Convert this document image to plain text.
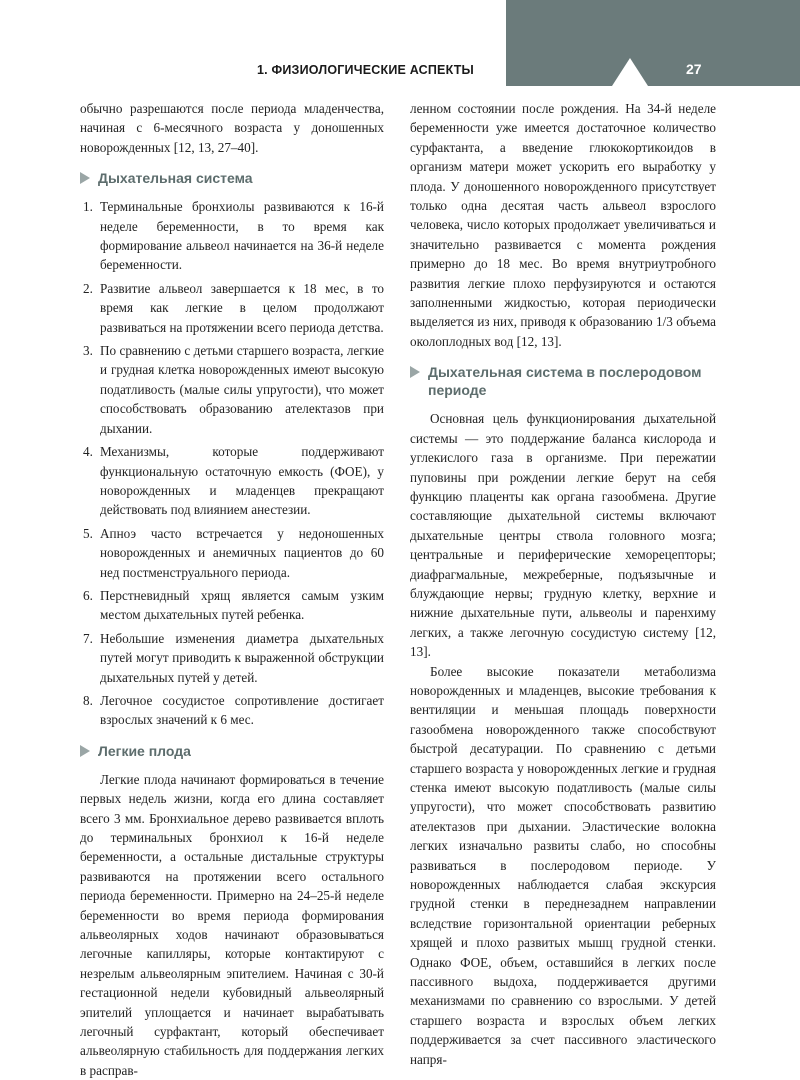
1. ФИЗИОЛОГИЧЕСКИЕ АСПЕКТЫ	27

обычно разрешаются после периода младенчества, начиная с 6-месячного возраста у доношенных новорожденных [12, 13, 27–40].

Дыхательная система
1. Терминальные бронхиолы развиваются к 16-й неделе беременности, в то время как формирование альвеол начинается на 36-й неделе беременности.
2. Развитие альвеол завершается к 18 мес, в то время как легкие в целом продолжают развиваться на протяжении всего периода детства.
3. По сравнению с детьми старшего возраста, легкие и грудная клетка новорожденных имеют высокую податливость (малые силы упругости), что может способствовать образованию ателектазов при дыхании.
4. Механизмы, которые поддерживают функциональную остаточную емкость (ФОЕ), у новорожденных и младенцев прекращают действовать под влиянием анестезии.
5. Апноэ часто встречается у недоношенных новорожденных и анемичных пациентов до 60 нед постменструального периода.
6. Перстневидный хрящ является самым узким местом дыхательных путей ребенка.
7. Небольшие изменения диаметра дыхательных путей могут приводить к выраженной обструкции дыхательных путей у детей.
8. Легочное сосудистое сопротивление достигает взрослых значений к 6 мес.
Легкие плода

Легкие плода начинают формироваться в течение первых недель жизни, когда его длина составляет всего 3 мм. Бронхиальное дерево развивается вплоть до терминальных бронхиол к 16-й неделе беременности, а остальные дистальные структуры развиваются на протяжении всего остального периода беременности. Примерно на 24–25-й неделе беременности во время периода формирования альвеолярных ходов начинают образовываться легочные капилляры, которые контактируют с незрелым альвеолярным эпителием. Начиная с 30-й гестационной недели кубовидный альвеолярный эпителий уплощается и начинает вырабатывать легочный сурфактант, который обеспечивает альвеолярную стабильность для поддержания легких в расправ-

ленном состоянии после рождения. На 34-й неделе беременности уже имеется достаточное количество сурфактанта, а введение глюкокортикоидов в организм матери может ускорить его выработку у плода. У доношенного новорожденного присутствует только одна десятая часть альвеол взрослого человека, число которых продолжает увеличиваться и значительно развивается с момента рождения примерно до 18 мес. Во время внутриутробного развития легкие плохо перфузируются и остаются заполненными жидкостью, которая периодически выделяется из них, приводя к образованию 1/3 объема околоплодных вод [12, 13].

Дыхательная система в послеродовом периоде

Основная цель функционирования дыхательной системы — это поддержание баланса кислорода и углекислого газа в организме. При пережатии пуповины при рождении легкие берут на себя функцию плаценты как органа газообмена. Другие составляющие дыхательной системы включают дыхательные центры ствола головного мозга; центральные и периферические хеморецепторы; диафрагмальные, межреберные, подъязычные и блуждающие нервы; грудную клетку, верхние и нижние дыхательные пути, альвеолы и паренхиму легких, а также легочную сосудистую систему [12, 13].

Более высокие показатели метаболизма новорожденных и младенцев, высокие требования к вентиляции и меньшая площадь поверхности газообмена новорожденного также способствуют быстрой десатурации. По сравнению с детьми старшего возраста у новорожденных легкие и грудная стенка имеют высокую податливость (малые силы упругости), что может способствовать развитию ателектазов при дыхании. Эластические волокна легких изначально развиты слабо, но способны развиваться в послеродовом периоде. У новорожденных наблюдается слабая экскурсия грудной стенки в переднезаднем направлении вследствие горизонтальной ориентации реберных хрящей и плохо развитых мышц грудной стенки. Однако ФОЕ, объем, оставшийся в легких после пассивного выдоха, поддерживается другими механизмами по сравнению со взрослыми. У детей старшего возраста и взрослых объем легких поддерживается за счет пассивного эластического напря-
